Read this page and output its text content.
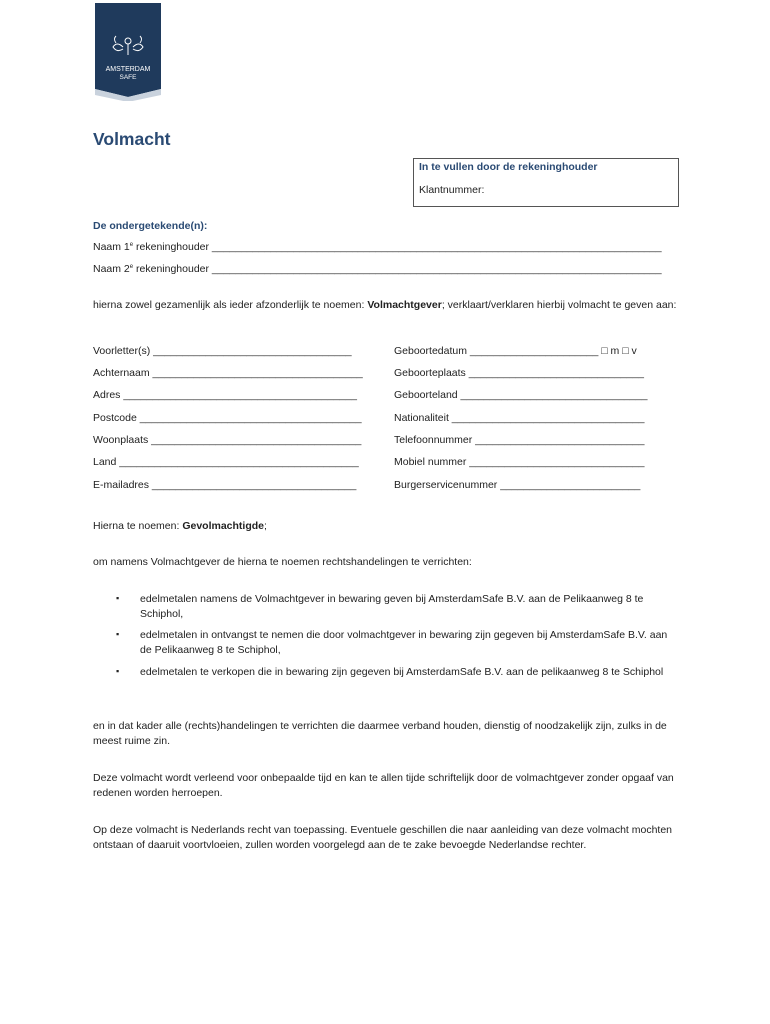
AMSTERDAM
SAFE
Volmacht
In te vullen door de rekeninghouder
Klantnummer:
De ondergetekende(n):
Naam 1e rekeninghouder _____________________________________________________________________________
Naam 2e rekeninghouder _____________________________________________________________________________
hierna zowel gezamenlijk als ieder afzonderlijk te noemen: Volmachtgever; verklaart/verklaren hierbij volmacht te geven aan:
Voorletter(s) __________________________________
Achternaam ____________________________________
Adres ________________________________________
Postcode ______________________________________
Woonplaats ____________________________________
Land _________________________________________
E-mailadres ___________________________________
Geboortedatum ______________________ □ m □ v
Geboorteplaats ______________________________
Geboorteland ________________________________
Nationaliteit _________________________________
Telefoonnummer _____________________________
Mobiel nummer ______________________________
Burgerservicenummer ________________________
Hierna te noemen: Gevolmachtigde;
om namens Volmachtgever de hierna te noemen rechtshandelingen te verrichten:
▪ edelmetalen namens de Volmachtgever in bewaring geven bij AmsterdamSafe B.V. aan de Pelikaanweg 8 te Schiphol,
▪ edelmetalen in ontvangst te nemen die door volmachtgever in bewaring zijn gegeven bij AmsterdamSafe B.V. aan de Pelikaanweg 8 te Schiphol,
▪ edelmetalen te verkopen die in bewaring zijn gegeven bij AmsterdamSafe B.V. aan de pelikaanweg 8 te Schiphol
en in dat kader alle (rechts)handelingen te verrichten die daarmee verband houden, dienstig of noodzakelijk zijn, zulks in de meest ruime zin.
Deze volmacht wordt verleend voor onbepaalde tijd en kan te allen tijde schriftelijk door de volmachtgever zonder opgaaf van redenen worden herroepen.
Op deze volmacht is Nederlands recht van toepassing. Eventuele geschillen die naar aanleiding van deze volmacht mochten ontstaan of daaruit voortvloeien, zullen worden voorgelegd aan de te zake bevoegde Nederlandse rechter.
